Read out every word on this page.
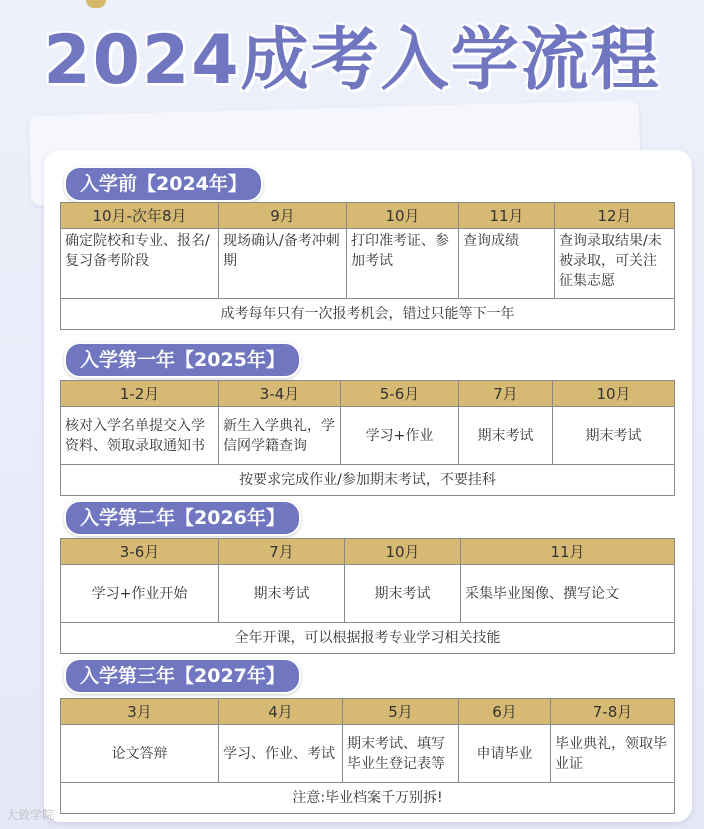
2024成考入学流程
入学前【2024年】
10月-次年8月	9月	10月	11月	12月
确定院校和专业、报名/复习备考阶段	现场确认/备考冲刺期	打印准考证、参加考试	查询成绩	查询录取结果/未被录取，可关注征集志愿
成考每年只有一次报考机会，错过只能等下一年				
入学第一年【2025年】
1-2月	3-4月	5-6月	7月	10月
核对入学名单提交入学资料、领取录取通知书	新生入学典礼，学信网学籍查询	学习+作业	期末考试	期末考试
按要求完成作业/参加期末考试，不要挂科				
入学第二年【2026年】
3-6月	7月	10月	11月
学习+作业开始	期末考试	期末考试	采集毕业图像、撰写论文
全年开课，可以根据报考专业学习相关技能			
入学第三年【2027年】
3月	4月	5月	6月	7-8月
论文答辩	学习、作业、考试	期末考试、填写毕业生登记表等	申请毕业	毕业典礼，领取毕业证
注意:毕业档案千万别拆!				
大致学院
